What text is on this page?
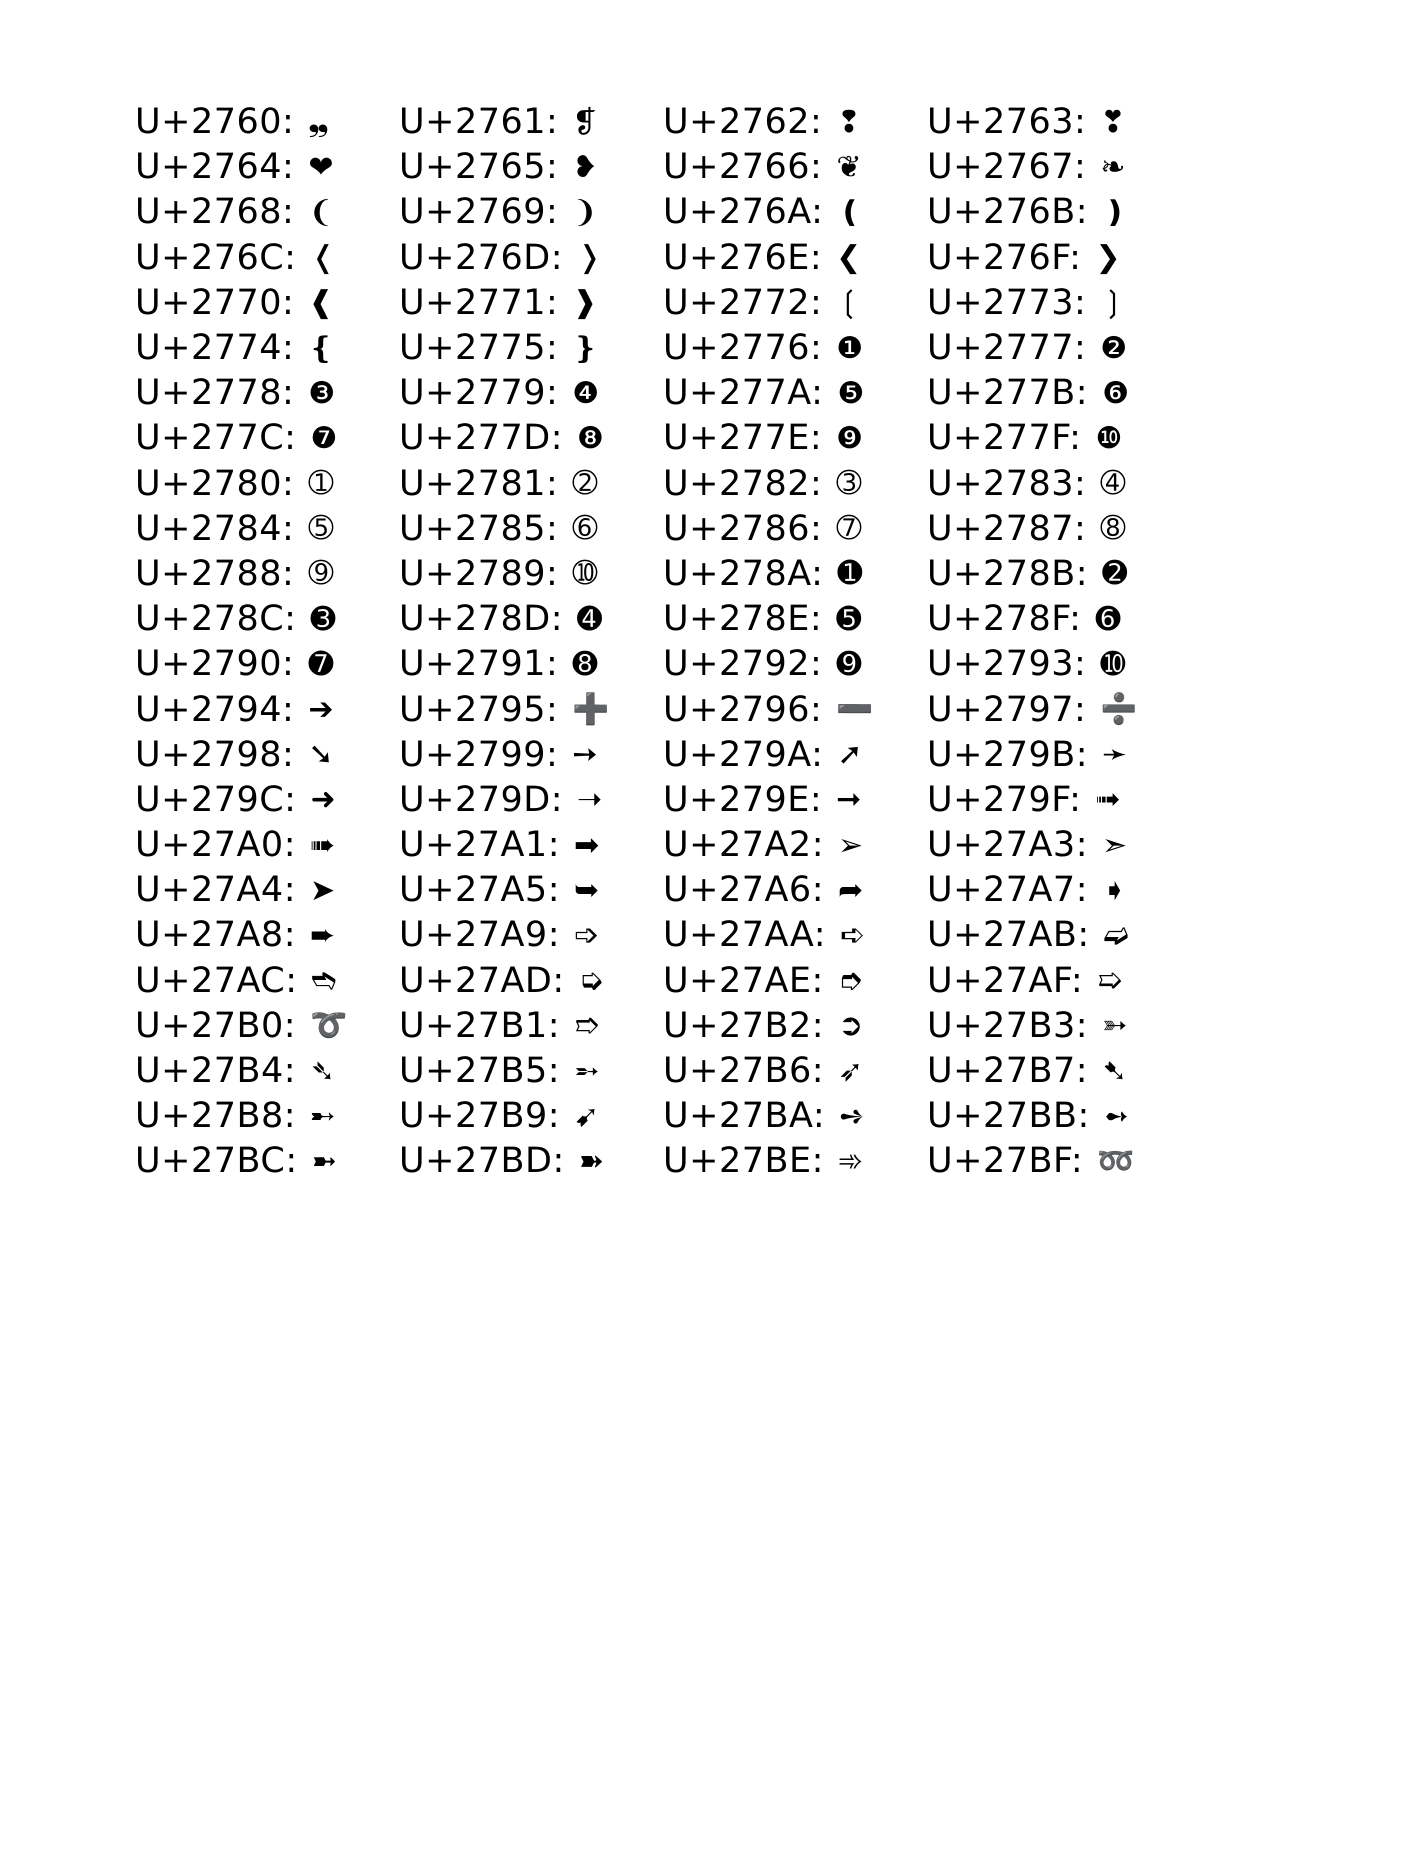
U+2760: ❠	U+2761: ❡	U+2762: ❢	U+2763: ❣
U+2764: ❤	U+2765: ❥	U+2766: ❦	U+2767: ❧
U+2768: ❨	U+2769: ❩	U+276A: ❪	U+276B: ❫
U+276C: ❬	U+276D: ❭	U+276E: ❮	U+276F: ❯
U+2770: ❰	U+2771: ❱	U+2772: ❲	U+2773: ❳
U+2774: ❴	U+2775: ❵	U+2776: ❶	U+2777: ❷
U+2778: ❸	U+2779: ❹	U+277A: ❺	U+277B: ❻
U+277C: ❼	U+277D: ❽	U+277E: ❾	U+277F: ❿
U+2780: ➀	U+2781: ➁	U+2782: ➂	U+2783: ➃
U+2784: ➄	U+2785: ➅	U+2786: ➆	U+2787: ➇
U+2788: ➈	U+2789: ➉	U+278A: ➊	U+278B: ➋
U+278C: ➌	U+278D: ➍	U+278E: ➎	U+278F: ➏
U+2790: ➐	U+2791: ➑	U+2792: ➒	U+2793: ➓
U+2794: ➔	U+2795: ➕ U+2796: ➖ U+2797: ➗
U+2798: ➘	U+2799: ➙	U+279A: ➚	U+279B: ➛
U+279C: ➜	U+279D: ➝	U+279E: ➞	U+279F: ➟
U+27A0: ➠	U+27A1: ➡	U+27A2: ➢	U+27A3: ➣
U+27A4: ➤	U+27A5: ➥	U+27A6: ➦	U+27A7: ➧
U+27A8: ➨	U+27A9: ➩	U+27AA: ➪	U+27AB: ➫
U+27AC: ➬	U+27AD: ➭	U+27AE: ➮	U+27AF: ➯
U+27B0: ➰ U+27B1: ➱	U+27B2: ➲	U+27B3: ➳
U+27B4: ➴	U+27B5: ➵	U+27B6: ➶	U+27B7: ➷
U+27B8: ➸	U+27B9: ➹	U+27BA: ➺	U+27BB: ➻
U+27BC: ➼	U+27BD: ➽	U+27BE: ➾	U+27BF: ➿
